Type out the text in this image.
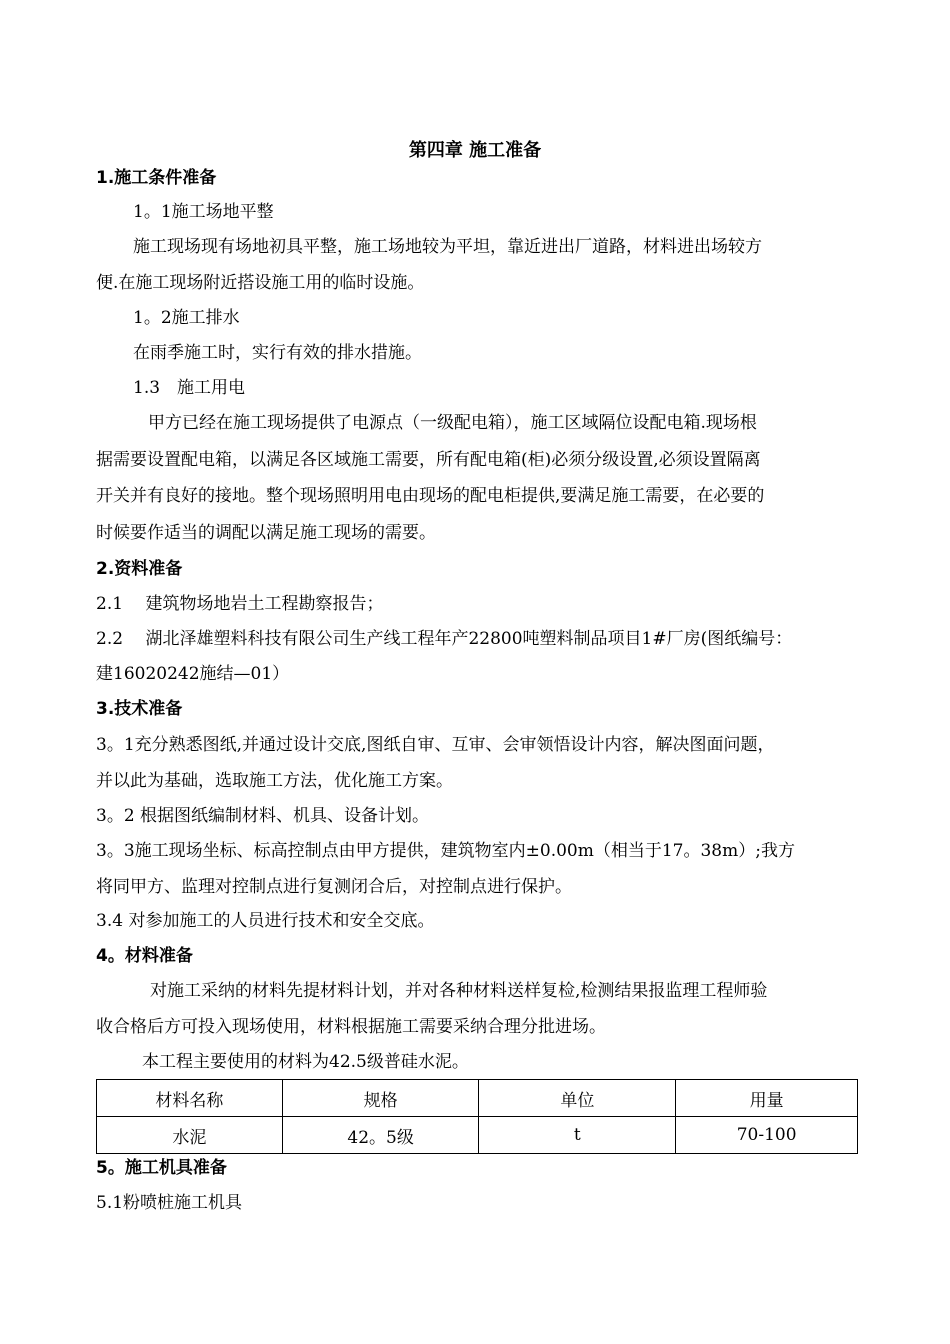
第四章 施工准备
1.施工条件准备
1。1施工场地平整
施工现场现有场地初具平整，施工场地较为平坦，靠近进出厂道路，材料进出场较方
便.在施工现场附近搭设施工用的临时设施。
1。2施工排水
在雨季施工时，实行有效的排水措施。
1.3　施工用电
甲方已经在施工现场提供了电源点（一级配电箱），施工区域隔位设配电箱.现场根
据需要设置配电箱，以满足各区域施工需要，所有配电箱(柜)必须分级设置,必须设置隔离
开关并有良好的接地。整个现场照明用电由现场的配电柜提供,要满足施工需要，在必要的
时候要作适当的调配以满足施工现场的需要。
2.资料准备
2.1　 建筑物场地岩土工程勘察报告；
2.2　 湖北泽雄塑料科技有限公司生产线工程年产22800吨塑料制品项目1#厂房(图纸编号：
建16020242施结—01）
3.技术准备
3。1充分熟悉图纸,并通过设计交底,图纸自审、互审、会审领悟设计内容，解决图面问题，
并以此为基础，选取施工方法，优化施工方案。
3。2 根据图纸编制材料、机具、设备计划。
3。3施工现场坐标、标高控制点由甲方提供，建筑物室内±0.00m（相当于17。38m）;我方
将同甲方、监理对控制点进行复测闭合后，对控制点进行保护。
3.4 对参加施工的人员进行技术和安全交底。
4。材料准备
对施工采纳的材料先提材料计划，并对各种材料送样复检,检测结果报监理工程师验
收合格后方可投入现场使用，材料根据施工需要采纳合理分批进场。
本工程主要使用的材料为42.5级普硅水泥。
材料名称	规格	单位	用量
水泥	42。5级	t	70-100
5。施工机具准备
5.1粉喷桩施工机具
